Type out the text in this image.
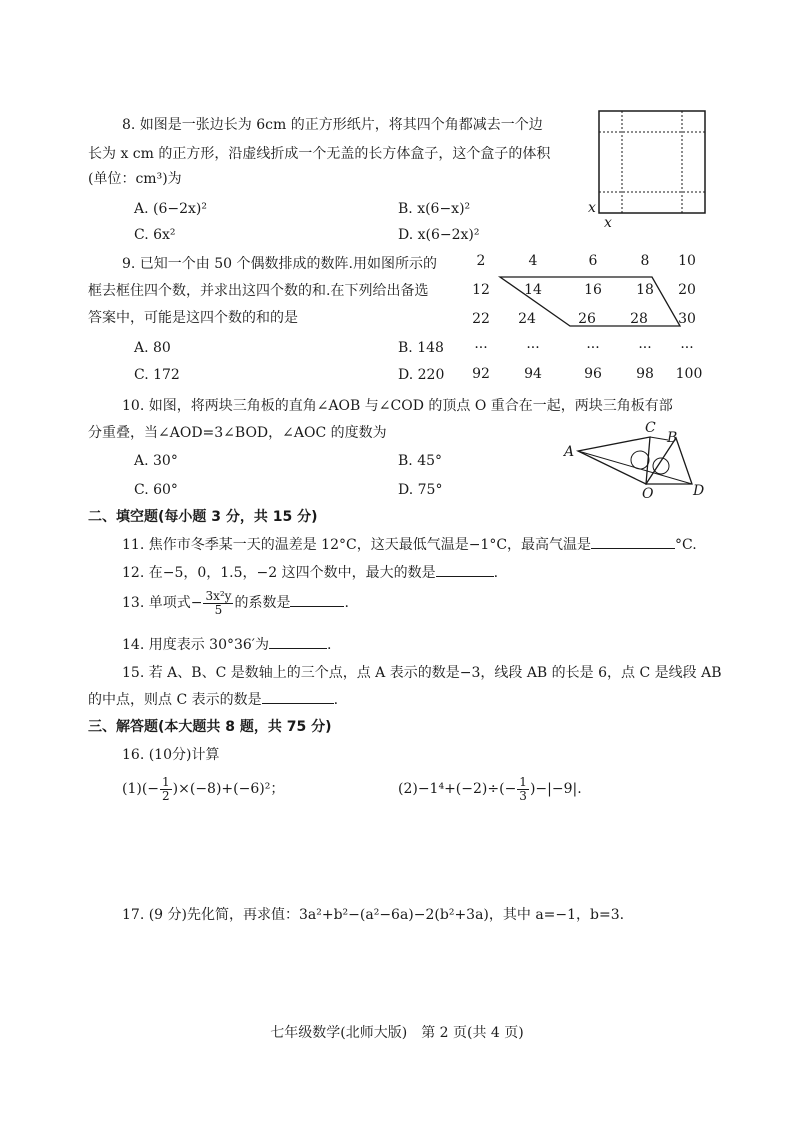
8. 如图是一张边长为 6cm 的正方形纸片，将其四个角都减去一个边
长为 x cm 的正方形，沿虚线折成一个无盖的长方体盒子，这个盒子的体积
(单位：cm³)为
A. (6−2x)²	B. x(6−x)²
C. 6x²	D. x(6−2x)²
x
x
9. 已知一个由 50 个偶数排成的数阵.用如图所示的
框去框住四个数，并求出这四个数的和.在下列给出备选
答案中，可能是这四个数的和的是
A. 80	B. 148
C. 172	D. 220
2	4	6	8	10
12	14	16	18	20
22	24	26	28	30
···	···	···	···	···
92	94	96	98	100
10. 如图，将两块三角板的直角∠AOB 与∠COD 的顶点 O 重合在一起，两块三角板有部
分重叠，当∠AOD=3∠BOD，∠AOC 的度数为
A. 30°	B. 45°
C. 60°	D. 75°
A
C
B
O	D
二、填空题(每小题 3 分，共 15 分)
11. 焦作市冬季某一天的温差是 12°C，这天最低气温是−1°C，最高气温是	°C.
12. 在−5，0，1.5，−2 这四个数中，最大的数是	.
13. 单项式− $\frac{\text{3x²y}}{5}$ 的系数是	.
14. 用度表示 30°36′为	.
15. 若 A、B、C 是数轴上的三个点，点 A 表示的数是−3，线段 AB 的长是 6，点 C 是线段 AB
的中点，则点 C 表示的数是	.
三、解答题(本大题共 8 题，共 75 分)
16. (10分)计算
$(1)(- \frac{1}{2} )\times(-8)+(-6)^2$；	$(2)-1^4+(-2)\div(- \frac{1}{3} )-|-9|$.
17. (9 分)先化简，再求值：3a²+b²−(a²−6a)−2(b²+3a)，其中 a=−1，b=3.
七年级数学(北师大版)　第 2 页(共 4 页)
